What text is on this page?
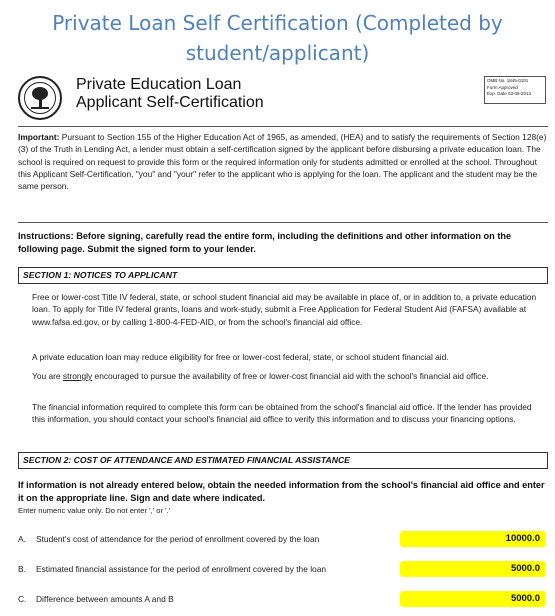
Private Loan Self Certification (Completed by student/applicant)
Private Education Loan
Applicant Self-Certification
OMB No. 1845-0101
Form Approved
Exp. Date 03-08-2013
Important: Pursuant to Section 155 of the Higher Education Act of 1965, as amended, (HEA) and to satisfy the requirements of Section 128(e)(3) of the Truth in Lending Act, a lender must obtain a self-certification signed by the applicant before disbursing a private education loan. The school is required on request to provide this form or the required information only for students admitted or enrolled at the school. Throughout this Applicant Self-Certification, "you" and "your" refer to the applicant who is applying for the loan. The applicant and the student may be the same person.
Instructions: Before signing, carefully read the entire form, including the definitions and other information on the following page. Submit the signed form to your lender.
SECTION 1: NOTICES TO APPLICANT
Free or lower-cost Title IV federal, state, or school student financial aid may be available in place of, or in addition to, a private education loan. To apply for Title IV federal grants, loans and work-study, submit a Free Application for Federal Student Aid (FAFSA) available at www.fafsa.ed.gov, or by calling 1-800-4-FED-AID, or from the school's financial aid office.
A private education loan may reduce eligibility for free or lower-cost federal, state, or school student financial aid.
You are strongly encouraged to pursue the availability of free or lower-cost financial aid with the school's financial aid office.
The financial information required to complete this form can be obtained from the school's financial aid office. If the lender has provided this information, you should contact your school's financial aid office to verify this information and to discuss your financing options.
SECTION 2: COST OF ATTENDANCE AND ESTIMATED FINANCIAL ASSISTANCE
If information is not already entered below, obtain the needed information from the school's financial aid office and enter it on the appropriate line. Sign and date where indicated.
Enter numeric value only. Do not enter ',' or '.'
A. Student's cost of attendance for the period of enrollment covered by the loan	10000.0
B. Estimated financial assistance for the period of enrollment covered by the loan	5000.0
C. Difference between amounts A and B	5000.0
